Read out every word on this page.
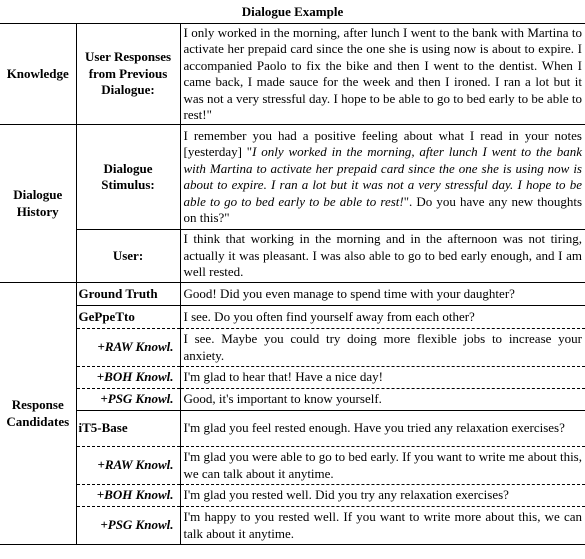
Dialogue Example
Knowledge	User Responses from Previous Dialogue:	I only worked in the morning, after lunch I went to the bank with Martina to activate her prepaid card since the one she is using now is about to expire. I accompanied Paolo to fix the bike and then I went to the dentist. When I came back, I made sauce for the week and then I ironed. I ran a lot but it was not a very stressful day. I hope to be able to go to bed early to be able to rest!"
Dialogue History	Dialogue Stimulus:	I remember you had a positive feeling about what I read in your notes [yesterday] "I only worked in the morning, after lunch I went to the bank with Martina to activate her prepaid card since the one she is using now is about to expire. I ran a lot but it was not a very stressful day. I hope to be able to go to bed early to be able to rest!". Do you have any new thoughts on this?"
	User:	I think that working in the morning and in the afternoon was not tiring, actually it was pleasant. I was also able to go to bed early enough, and I am well rested.
Response Candidates	Ground Truth	Good! Did you even manage to spend time with your daughter?
	GePpeTto	I see. Do you often find yourself away from each other?
	+RAW Knowl.	I see. Maybe you could try doing more flexible jobs to increase your anxiety.
	+BOH Knowl.	I'm glad to hear that! Have a nice day!
	+PSG Knowl.	Good, it's important to know yourself.
	iT5-Base	I'm glad you feel rested enough. Have you tried any relaxation exercises?
	+RAW Knowl.	I'm glad you were able to go to bed early. If you want to write me about this, we can talk about it anytime.
	+BOH Knowl.	I'm glad you rested well. Did you try any relaxation exercises?
	+PSG Knowl.	I'm happy to you rested well. If you want to write more about this, we can talk about it anytime.
